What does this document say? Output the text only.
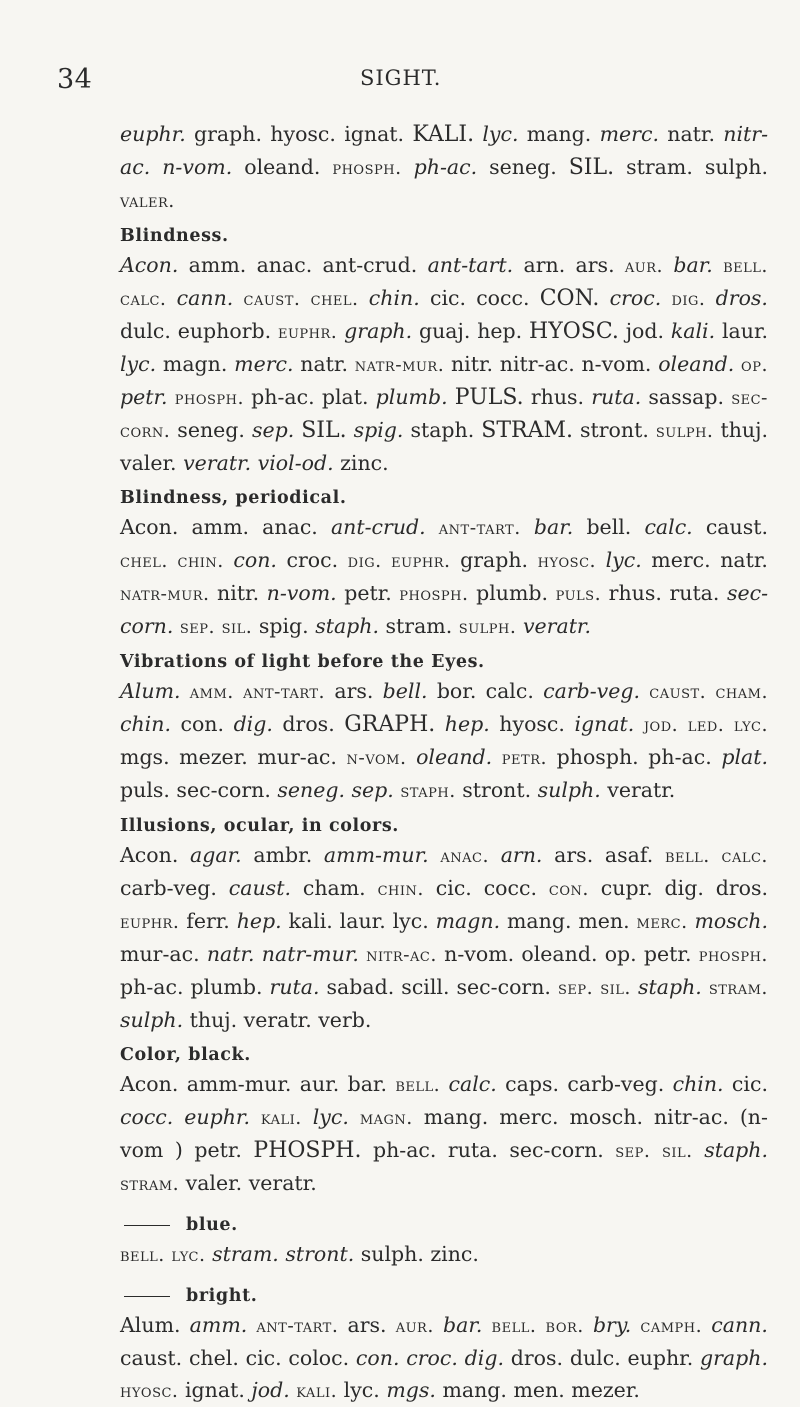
34	SIGHT.

euphr. graph. hyosc. ignat. KALI. lyc. mang. merc. natr. nitr-ac. n-vom. oleand. phosph. ph-ac. seneg. SIL. stram. sulph. valer.

Blindness.

Acon. amm. anac. ant-crud. ant-tart. arn. ars. aur. bar. bell. calc. cann. caust. chel. chin. cic. cocc. CON. croc. dig. dros. dulc. euphorb. euphr. graph. guaj. hep. HYOSC. jod. kali. laur. lyc. magn. merc. natr. natr-mur. nitr. nitr-ac. n-vom. oleand. op. petr. phosph. ph-ac. plat. plumb. PULS. rhus. ruta. sassap. sec-corn. seneg. sep. SIL. spig. staph. STRAM. stront. sulph. thuj. valer. veratr. viol-od. zinc.

Blindness, periodical.

Acon. amm. anac. ant-crud. ant-tart. bar. bell. calc. caust. chel. chin. con. croc. dig. euphr. graph. hyosc. lyc. merc. natr. natr-mur. nitr. n-vom. petr. phosph. plumb. puls. rhus. ruta. sec-corn. sep. sil. spig. staph. stram. sulph. veratr.

Vibrations of light before the Eyes.

Alum. amm. ant-tart. ars. bell. bor. calc. carb-veg. caust. cham. chin. con. dig. dros. GRAPH. hep. hyosc. ignat. jod. led. lyc. mgs. mezer. mur-ac. n-vom. oleand. petr. phosph. ph-ac. plat. puls. sec-corn. seneg. sep. staph. stront. sulph. veratr.

Illusions, ocular, in colors.

Acon. agar. ambr. amm-mur. anac. arn. ars. asaf. bell. calc. carb-veg. caust. cham. chin. cic. cocc. con. cupr. dig. dros. euphr. ferr. hep. kali. laur. lyc. magn. mang. men. merc. mosch. mur-ac. natr. natr-mur. nitr-ac. n-vom. oleand. op. petr. phosph. ph-ac. plumb. ruta. sabad. scill. sec-corn. sep. sil. staph. stram. sulph. thuj. veratr. verb.

Color, black.

Acon. amm-mur. aur. bar. bell. calc. caps. carb-veg. chin. cic. cocc. euphr. kali. lyc. magn. mang. merc. mosch. nitr-ac. (n-vom ) petr. PHOSPH. ph-ac. ruta. sec-corn. sep. sil. staph. stram. valer. veratr.

blue.

bell. lyc. stram. stront. sulph. zinc.

bright.

Alum. amm. ant-tart. ars. aur. bar. bell. bor. bry. camph. cann. caust. chel. cic. coloc. con. croc. dig. dros. dulc. euphr. graph. hyosc. ignat. jod. kali. lyc. mgs. mang. men. mezer.
